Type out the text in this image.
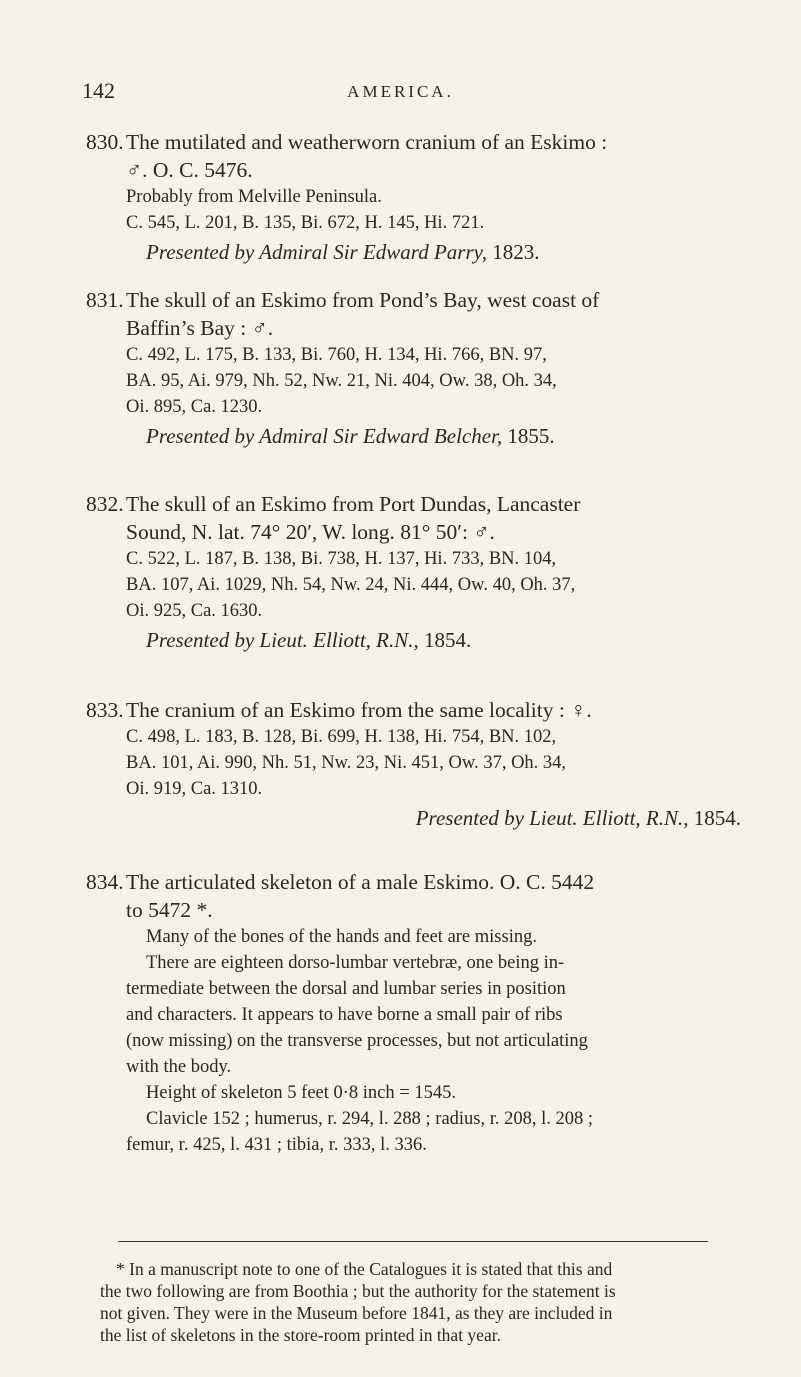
142	AMERICA.
830. The mutilated and weatherworn cranium of an Eskimo :
♂. O. C. 5476.
Probably from Melville Peninsula.
C. 545, L. 201, B. 135, Bi. 672, H. 145, Hi. 721.
Presented by Admiral Sir Edward Parry, 1823.
831. The skull of an Eskimo from Pond’s Bay, west coast of
Baffin’s Bay : ♂.
C. 492, L. 175, B. 133, Bi. 760, H. 134, Hi. 766, BN. 97,
BA. 95, Ai. 979, Nh. 52, Nw. 21, Ni. 404, Ow. 38, Oh. 34,
Oi. 895, Ca. 1230.
Presented by Admiral Sir Edward Belcher, 1855.
832. The skull of an Eskimo from Port Dundas, Lancaster
Sound, N. lat. 74° 20′, W. long. 81° 50′: ♂.
C. 522, L. 187, B. 138, Bi. 738, H. 137, Hi. 733, BN. 104,
BA. 107, Ai. 1029, Nh. 54, Nw. 24, Ni. 444, Ow. 40, Oh. 37,
Oi. 925, Ca. 1630.
Presented by Lieut. Elliott, R.N., 1854.
833. The cranium of an Eskimo from the same locality : ♀.
C. 498, L. 183, B. 128, Bi. 699, H. 138, Hi. 754, BN. 102,
BA. 101, Ai. 990, Nh. 51, Nw. 23, Ni. 451, Ow. 37, Oh. 34,
Oi. 919, Ca. 1310.
Presented by Lieut. Elliott, R.N., 1854.
834. The articulated skeleton of a male Eskimo. O. C. 5442
to 5472 *.
Many of the bones of the hands and feet are missing.
There are eighteen dorso-lumbar vertebræ, one being in-
termediate between the dorsal and lumbar series in position
and characters. It appears to have borne a small pair of ribs
(now missing) on the transverse processes, but not articulating
with the body.
Height of skeleton 5 feet 0·8 inch = 1545.
Clavicle 152 ; humerus, r. 294, l. 288 ; radius, r. 208, l. 208 ;
femur, r. 425, l. 431 ; tibia, r. 333, l. 336.
* In a manuscript note to one of the Catalogues it is stated that this and
the two following are from Boothia ; but the authority for the statement is
not given. They were in the Museum before 1841, as they are included in
the list of skeletons in the store-room printed in that year.
